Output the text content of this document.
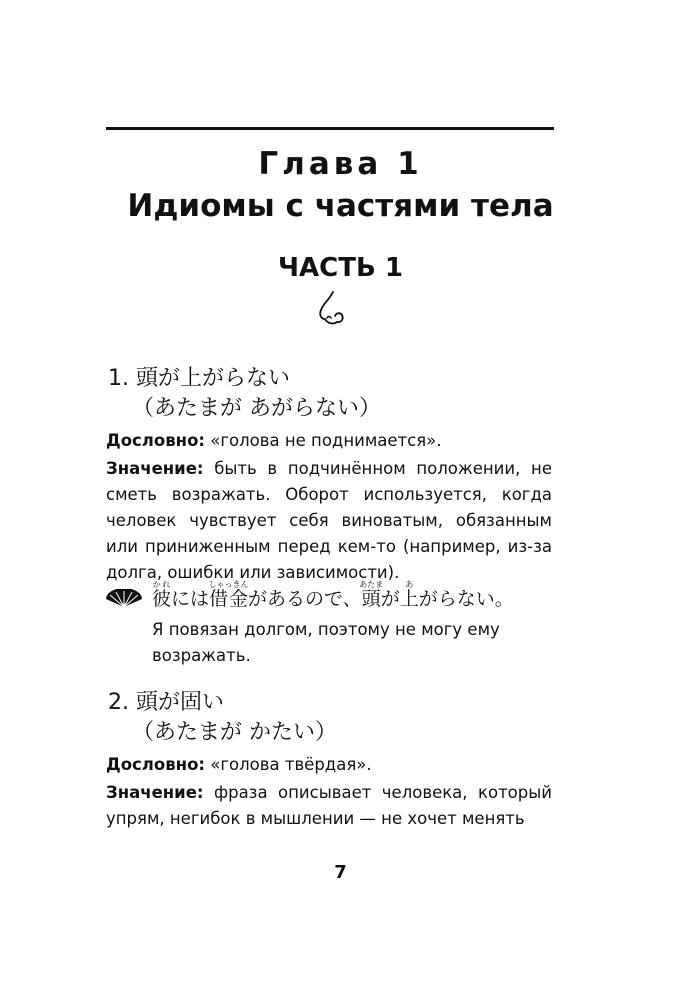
Глава 1
Идиомы с частями тела
ЧАСТЬ 1
1. 頭が上がらない
（あたまが あがらない）

Дословно: «голова не поднимается».

Значение: быть в подчинённом положении, не сметь возражать. Оборот используется, когда человек чувствует себя виноватым, обязанным или приниженным перед кем-то (например, из-за долга, ошибки или зависимости).

彼かれには借金しゃっきんがあるので、頭あたまが上あがらない。

Я повязан долгом, поэтому не могу ему возражать.

2. 頭が固い
（あたまが かたい）

Дословно: «голова твёрдая».

Значение: фраза описывает человека, который упрям, негибок в мышлении — не хочет менять

7
